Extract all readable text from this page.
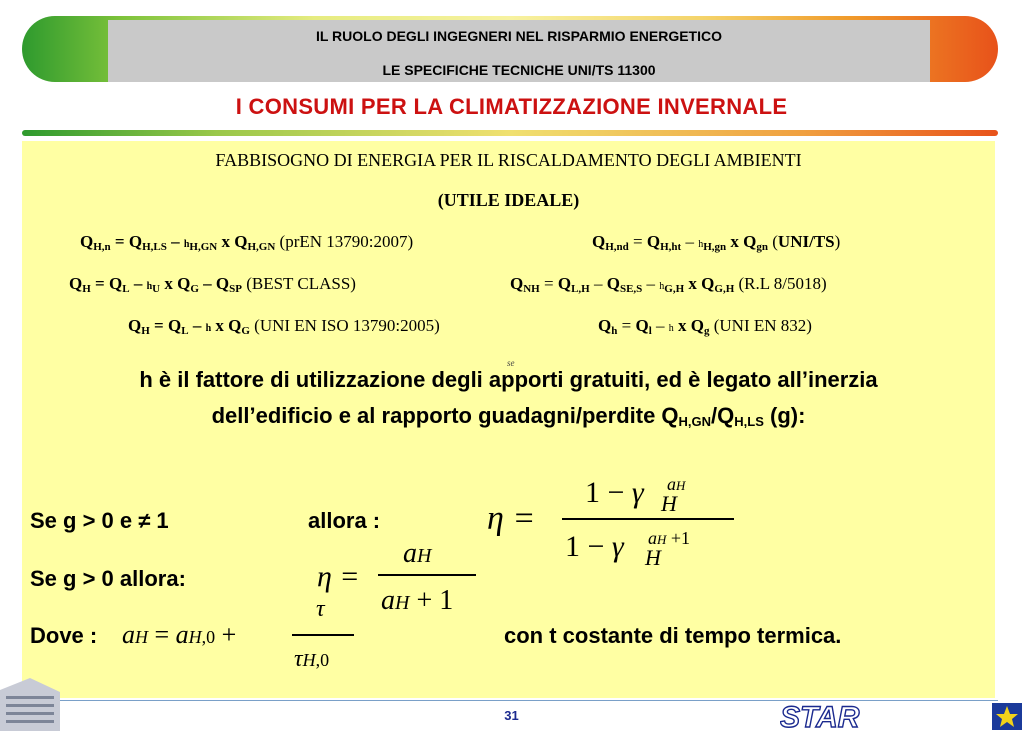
IL RUOLO DEGLI INGEGNERI NEL RISPARMIO ENERGETICO
LE SPECIFICHE TECNICHE UNI/TS 11300
I CONSUMI PER LA CLIMATIZZAZIONE INVERNALE
FABBISOGNO DI ENERGIA PER IL RISCALDAMENTO DEGLI AMBIENTI
(UTILE IDEALE)
$Q_{H,n} = Q_{H,LS} - h_{H,GN}$ x $Q_{H,GN}$ (prEN 13790:2007)	$Q_{H,nd} = Q_{H,ht} - h_{H,gn}$ x $Q_{gn}$ (UNI/TS)
$Q_H = Q_L - h_U$ x $Q_G - Q_{SP}$ (BEST CLASS)	$Q_{NH} = Q_{L,H} - Q_{SE,S} - h_{G,H}$ x $Q_{G,H}$ (R.L 8/5018)
$Q_H = Q_L - h$ x $Q_G$ (UNI EN ISO 13790:2005)	$Q_h = Q_l - h$ x $Q_g$ (UNI EN 832)
se
h è il fattore di utilizzazione degli apporti gratuiti, ed è legato all’inerzia
dell’edificio e al rapporto guadagni/perdite $Q_{H,GN}/Q_{H,LS}$ (g):
Se g > 0 e ≠ 1	allora :
Se g > 0 allora:
Dove :	con t costante di tempo termica.
η =
1 − γ aH
H
1 − γ aH +1
H
η =
aH
aH + 1
aH = aH,0 +
τ
τH,0
31	STAR
